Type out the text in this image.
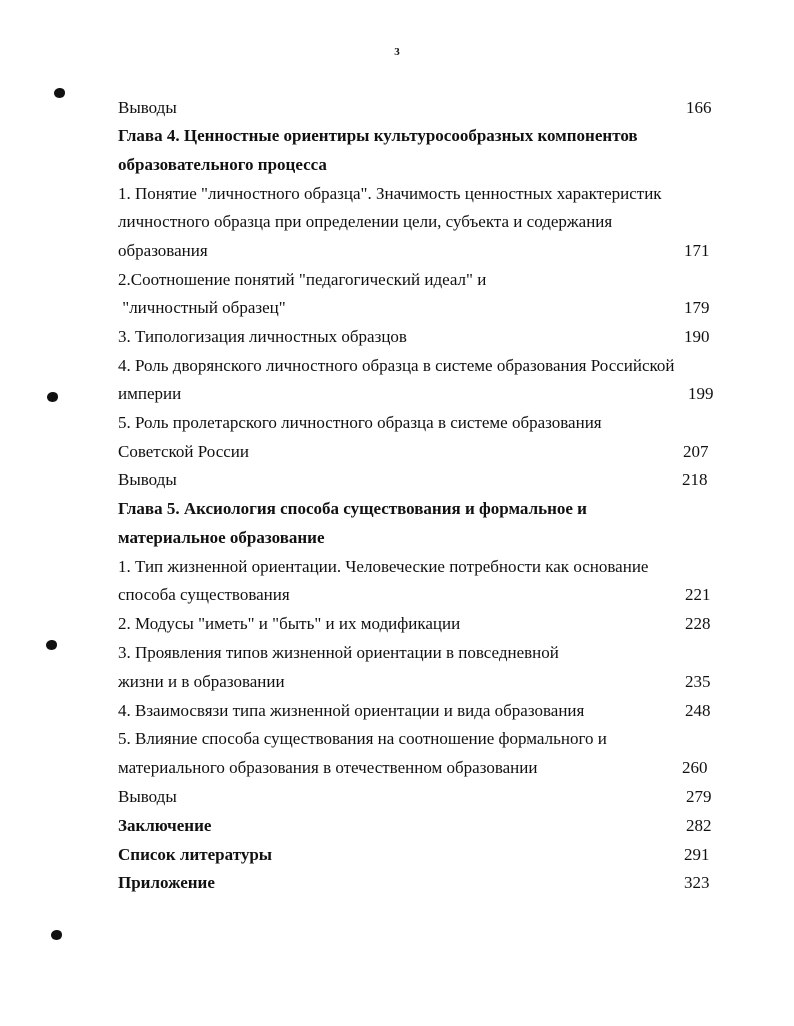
3
Выводы	166
Глава 4. Ценностные ориентиры культуросообразных компонентов
образовательного процесса
1. Понятие "личностного образца". Значимость ценностных характеристик
личностного образца при определении цели, субъекта и содержания
образования	171
2.Соотношение понятий "педагогический идеал" и
"личностный образец"	179
3. Типологизация личностных образцов	190
4. Роль дворянского личностного образца в системе образования Российской
империи	199
5. Роль пролетарского личностного образца в системе образования
Советской России	207
Выводы	218
Глава 5. Аксиология способа существования и формальное и
материальное образование
1. Тип жизненной ориентации. Человеческие потребности как основание
способа существования	221
2. Модусы "иметь" и "быть" и их модификации	228
3. Проявления типов жизненной ориентации в повседневной
жизни и в образовании	235
4. Взаимосвязи типа жизненной ориентации и вида образования	248
5. Влияние способа существования на соотношение формального и
материального образования в отечественном образовании	260
Выводы	279
Заключение	282
Список литературы	291
Приложение	323
